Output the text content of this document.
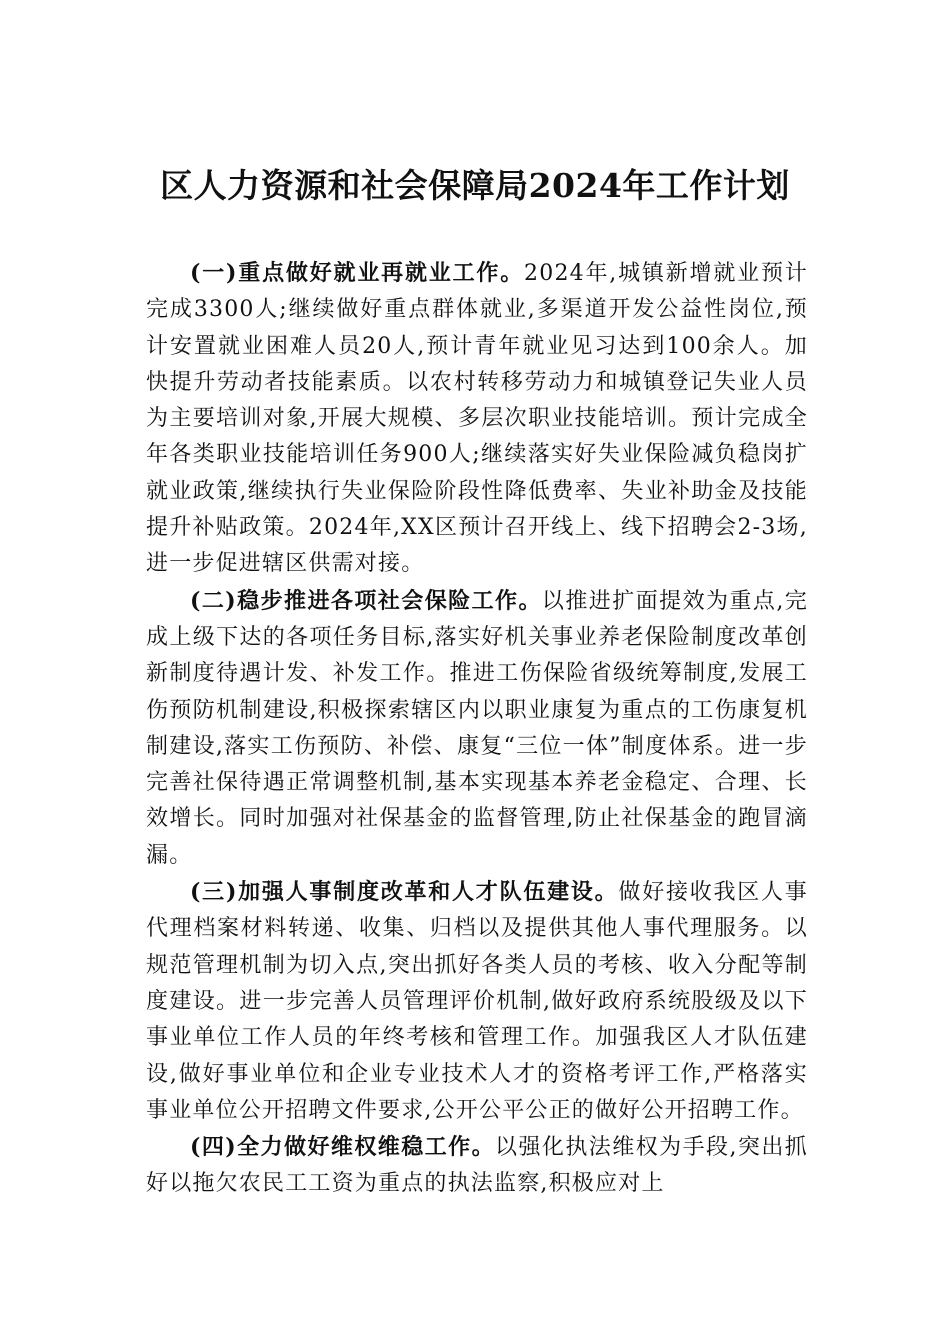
区人力资源和社会保障局2024年工作计划

(一)重点做好就业再就业工作。2024年,城镇新增就业预计完成3300人;继续做好重点群体就业,多渠道开发公益性岗位,预计安置就业困难人员20人,预计青年就业见习达到100余人。加快提升劳动者技能素质。以农村转移劳动力和城镇登记失业人员为主要培训对象,开展大规模、多层次职业技能培训。预计完成全年各类职业技能培训任务900人;继续落实好失业保险减负稳岗扩就业政策,继续执行失业保险阶段性降低费率、失业补助金及技能提升补贴政策。2024年,XX区预计召开线上、线下招聘会2-3场,进一步促进辖区供需对接。

(二)稳步推进各项社会保险工作。以推进扩面提效为重点,完成上级下达的各项任务目标,落实好机关事业养老保险制度改革创新制度待遇计发、补发工作。推进工伤保险省级统筹制度,发展工伤预防机制建设,积极探索辖区内以职业康复为重点的工伤康复机制建设,落实工伤预防、补偿、康复“三位一体”制度体系。进一步完善社保待遇正常调整机制,基本实现基本养老金稳定、合理、长效增长。同时加强对社保基金的监督管理,防止社保基金的跑冒滴漏。

(三)加强人事制度改革和人才队伍建设。做好接收我区人事代理档案材料转递、收集、归档以及提供其他人事代理服务。以规范管理机制为切入点,突出抓好各类人员的考核、收入分配等制度建设。进一步完善人员管理评价机制,做好政府系统股级及以下事业单位工作人员的年终考核和管理工作。加强我区人才队伍建设,做好事业单位和企业专业技术人才的资格考评工作,严格落实事业单位公开招聘文件要求,公开公平公正的做好公开招聘工作。

(四)全力做好维权维稳工作。以强化执法维权为手段,突出抓好以拖欠农民工工资为重点的执法监察,积极应对上
